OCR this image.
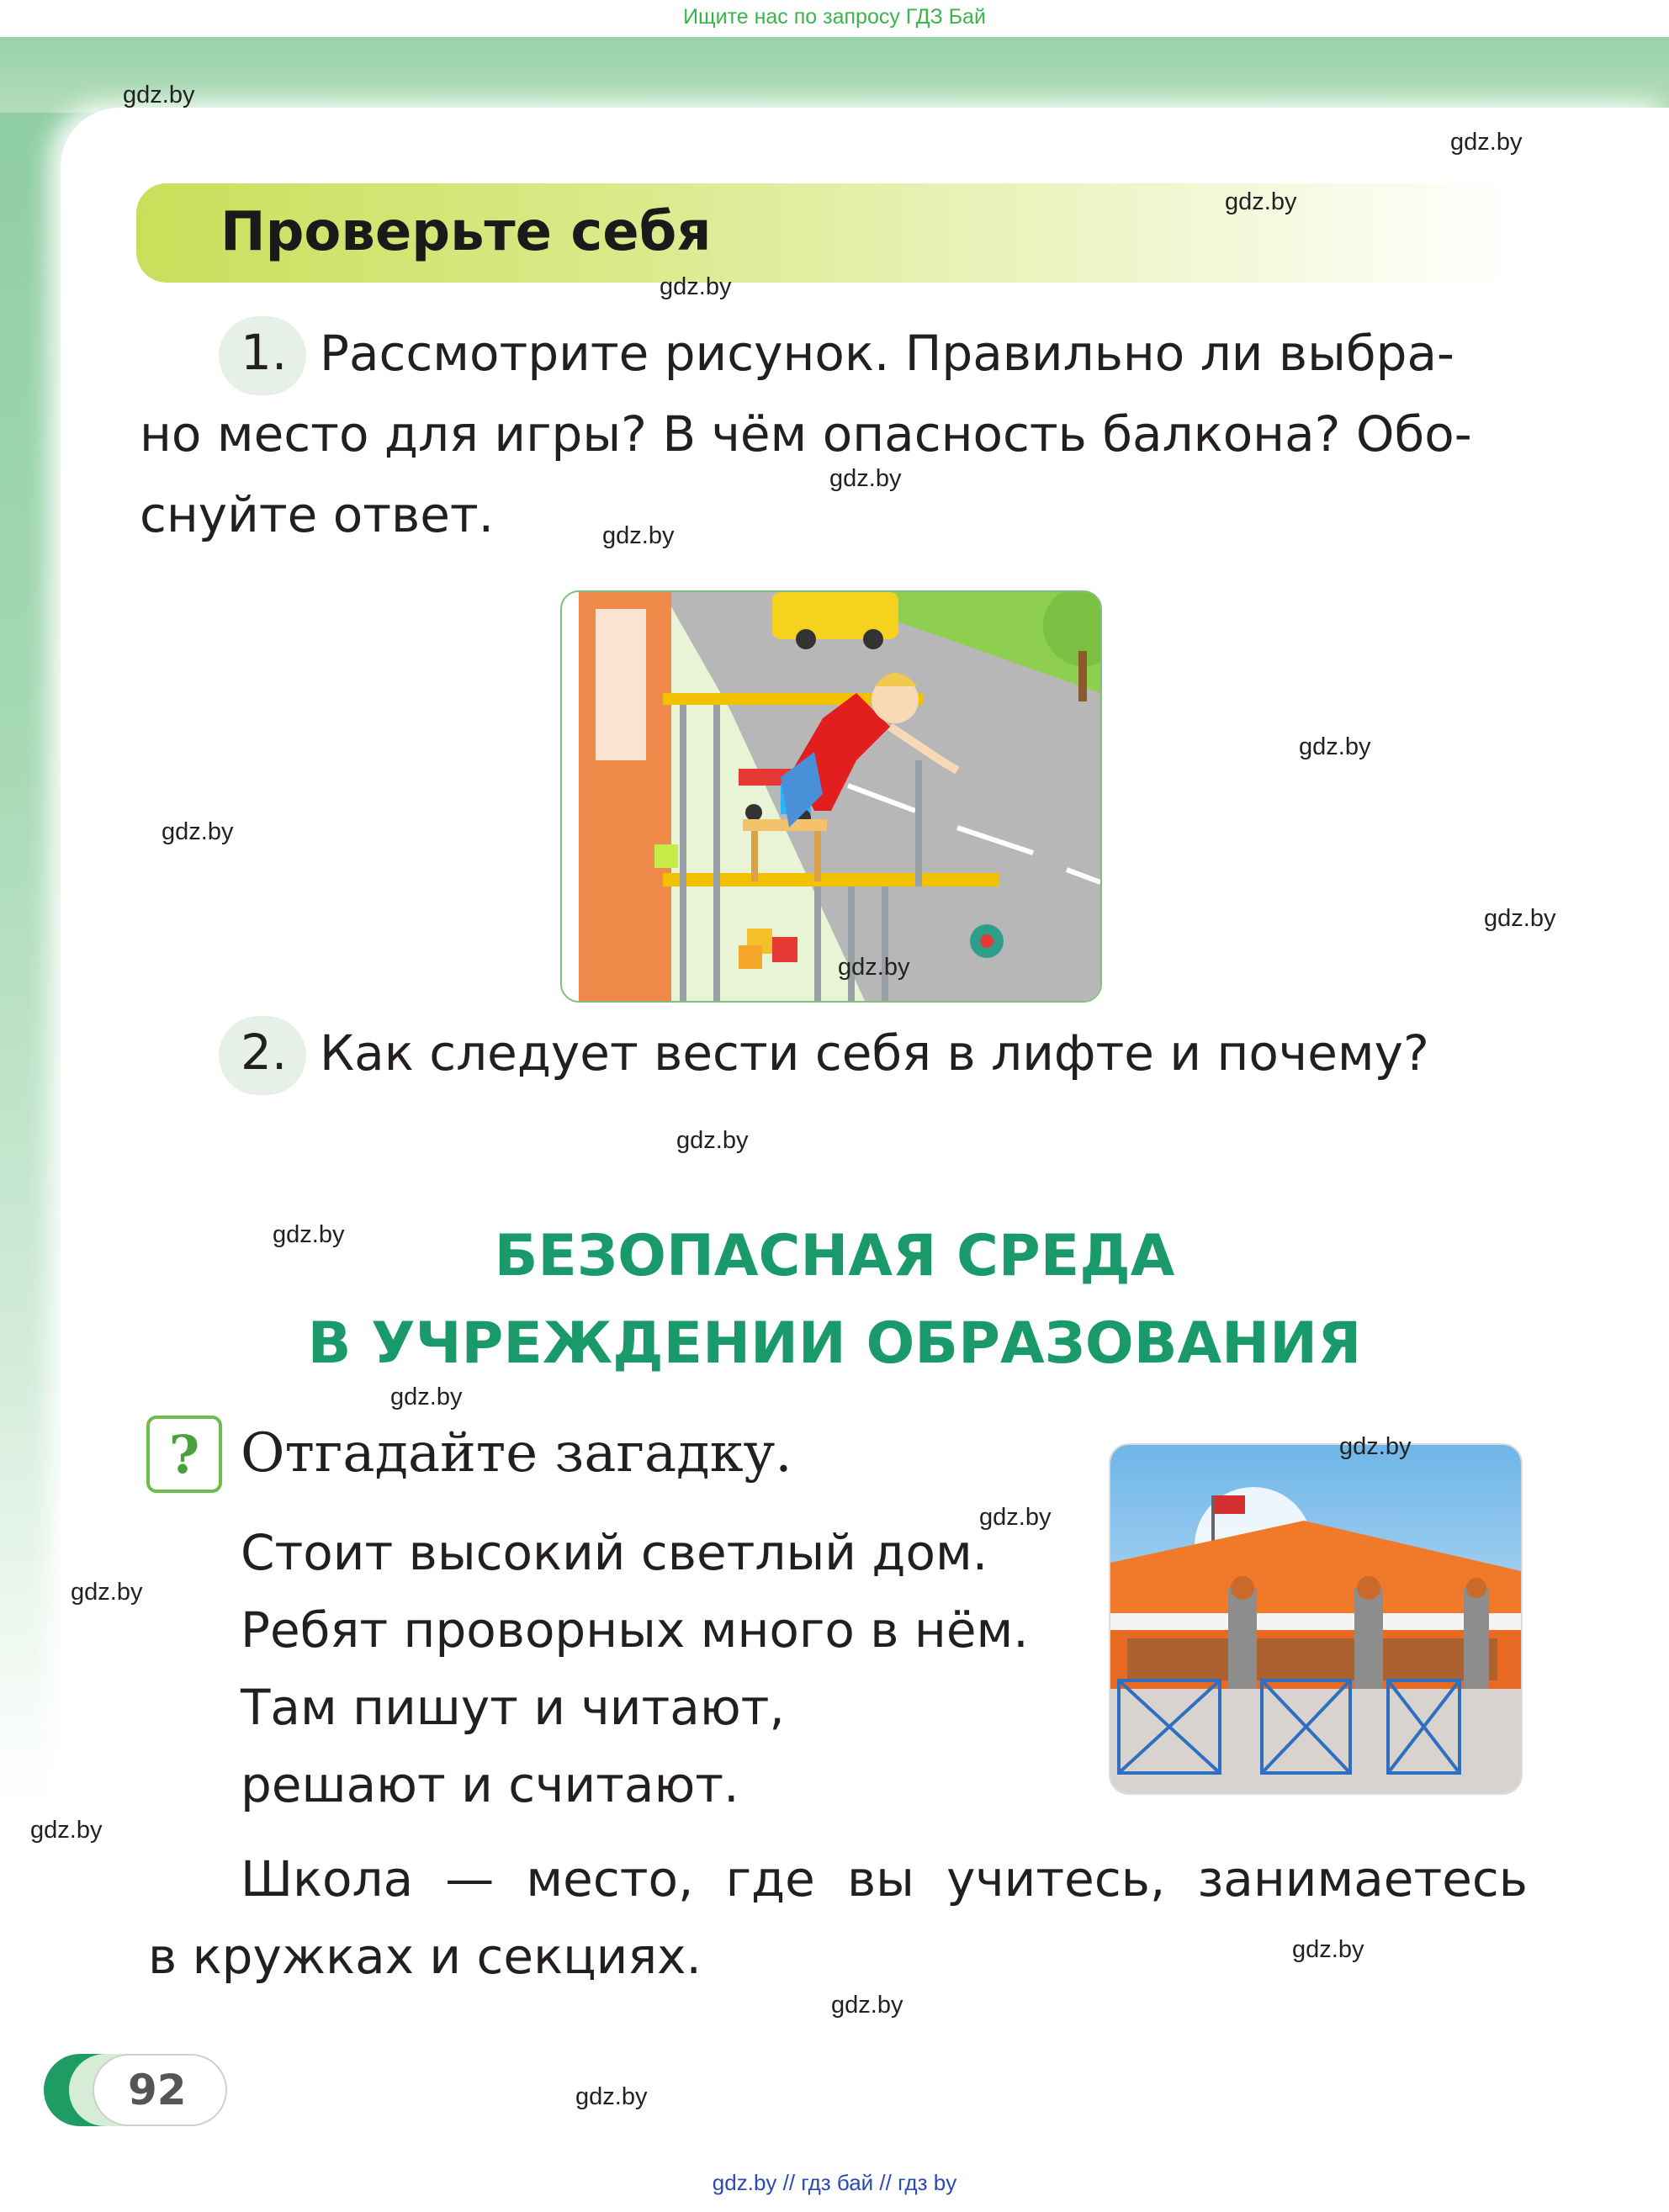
Ищите нас по запросу ГДЗ Бай
Проверьте себя
1. Рассмотрите рисунок. Правильно ли выбра-
но место для игры? В чём опасность балкона? Обо-
снуйте ответ.
2. Как следует вести себя в лифте и почему?
БЕЗОПАСНАЯ СРЕДА
В УЧРЕЖДЕНИИ ОБРАЗОВАНИЯ
? Отгадайте загадку.
Стоит высокий светлый дом.
Ребят проворных много в нём.
Там пишут и читают,
решают и считают.
Школа — место, где вы учитесь, занимаетесь
в кружках и секциях.
92
gdz.by // гдз бай // гдз by
gdz.by
gdz.by
gdz.by
gdz.by
gdz.by
gdz.by
gdz.by
gdz.by
gdz.by
gdz.by
gdz.by
gdz.by
gdz.by
gdz.by
gdz.by
gdz.by
gdz.by
gdz.by
gdz.by
gdz.by
